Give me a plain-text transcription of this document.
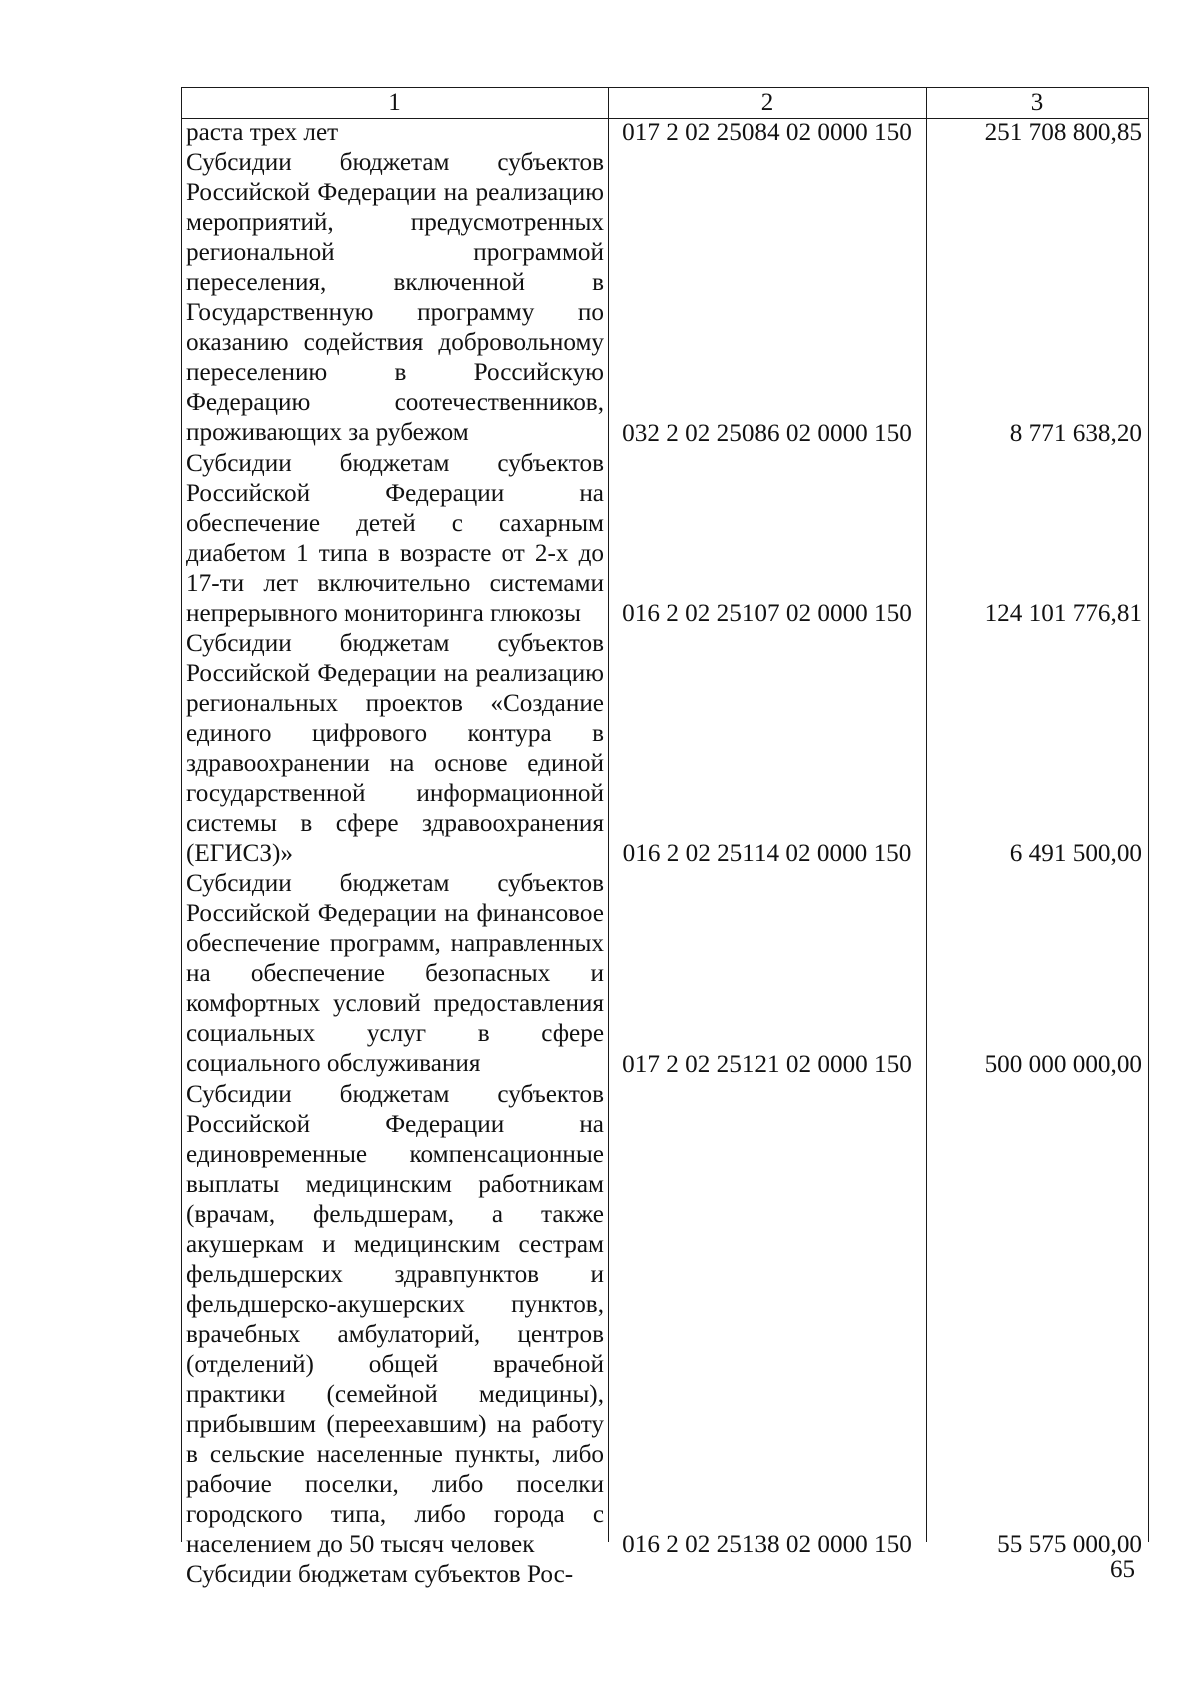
1	2	3
раста трех лет	017 2 02 25084 02 0000 150	251 708 800,85
Субсидии бюджетам субъектов Российской Федерации на реализацию мероприятий, предусмотренных региональной программой переселения, включенной в Государственную программу по оказанию содействия добровольному переселению в Российскую Федерацию соотечественников, проживающих за рубежом	032 2 02 25086 02 0000 150	8 771 638,20
Субсидии бюджетам субъектов Российской Федерации на обеспечение детей с сахарным диабетом 1 типа в возрасте от 2-х до 17-ти лет включительно системами непрерывного мониторинга глюкозы	016 2 02 25107 02 0000 150	124 101 776,81
Субсидии бюджетам субъектов Российской Федерации на реализацию региональных проектов «Создание единого цифрового контура в здравоохранении на основе единой государственной информационной системы в сфере здравоохранения (ЕГИСЗ)»	016 2 02 25114 02 0000 150	6 491 500,00
Субсидии бюджетам субъектов Российской Федерации на финансовое обеспечение программ, направленных на обеспечение безопасных и комфортных условий предоставления социальных услуг в сфере социального обслуживания	017 2 02 25121 02 0000 150	500 000 000,00
Субсидии бюджетам субъектов Российской Федерации на единовременные компенсационные выплаты медицинским работникам (врачам, фельдшерам, а также акушеркам и медицинским сестрам фельдшерских здравпунктов и фельдшерско-акушерских пунктов, врачебных амбулаторий, центров (отделений) общей врачебной практики (семейной медицины), прибывшим (переехавшим) на работу в сельские населенные пункты, либо рабочие поселки, либо поселки городского типа, либо города с населением до 50 тысяч человек	016 2 02 25138 02 0000 150	55 575 000,00
Субсидии бюджетам субъектов Рос-	65
